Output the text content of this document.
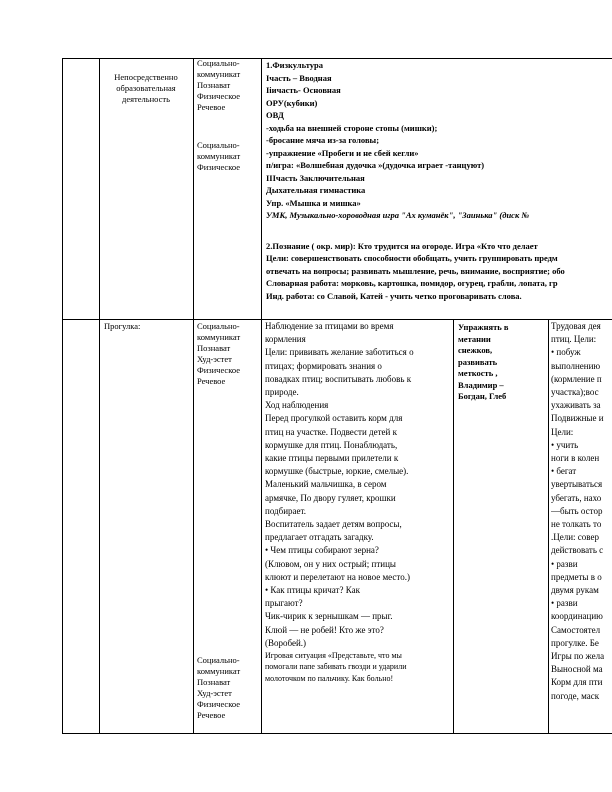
Непосредственно
образовательная
деятельность
Социально-
коммуникат
Познават
Физическое
Речевое
Социально-
коммуникат
Физическое
1.Физкультура
Ічасть – Вводная
Ііичасть- Основная
ОРУ(кубики)
ОВД
-ходьба на внешней стороне стопы (мишки);
-бросание мяча из-за головы;
-упражнение «Пробеги и не сбей кегли»
п/игра: «Волшебная дудочка »(дудочка играет -танцуют)
ІІІчасть Заключительная
Дыхательная гимнастика
Упр. «Мышка и мишка»
УМК, Музыкально-хороводная игра "Ах куманёк", "Заинька" (диск №
2.Познание ( окр. мир): Кто трудится на огороде. Игра «Кто что делает
Цели: совершенствовать способности обобщать, учить группировать предм
отвечать на вопросы; развивать мышление, речь, внимание, восприятие; обо
Словарная работа: морковь, картошка, помидор, огурец, грабли, лопата, гр
Инд. работа: со Славой, Катей - учить четко проговаривать слова.
Прогулка:	Социально-
коммуникат
Познават
Худ-эстет
Физическое
Речевое
Социально-
коммуникат
Познават
Худ-эстет
Физическое
Речевое
Наблюдение за птицами во время
кормления
Цели: прививать желание заботиться о
птицах; формировать знания о
повадках птиц; воспитывать любовь к
природе.
Ход наблюдения
Перед прогулкой оставить корм для
птиц на участке. Подвести детей к
кормушке для птиц. Понаблюдать,
какие птицы первыми прилетели к
кормушке (быстрые, юркие, смелые).
Маленький мальчишка, в сером
армячке, По двору гуляет, крошки
подбирает.
Воспитатель задает детям вопросы,
предлагает отгадать загадку.
• Чем птицы собирают зерна?
(Клювом, он у них острый; птицы
клюют и перелетают на новое место.)
• Как птицы кричат? Как
прыгают?
Чик-чирик к зернышкам — прыг.
Клюй — не робей! Кто же это?
(Воробей.)
Игровая ситуация «Представьте, что мы
помогали папе забивать гвозди и ударили
молоточком по пальчику. Как больно!
Упражнять в
метании
снежков,
развивать
меткость ,
Владимир –
Богдан, Глеб
Трудовая дея
птиц. Цели:
• побуж
выполнению
(кормление п
участка);вос
ухаживать за
Подвижные и
Цели:
• учить
ноги в колен
• бегат
увертываться
убегать, нахо
—быть остор
не толкать то
.Цели: совер
действовать с
• разви
предметы в о
двумя рукам
• разви
координацию
Самостоятел
прогулке. Бе
Игры по жела
Выносной ма
Корм для пти
погоде, маск
